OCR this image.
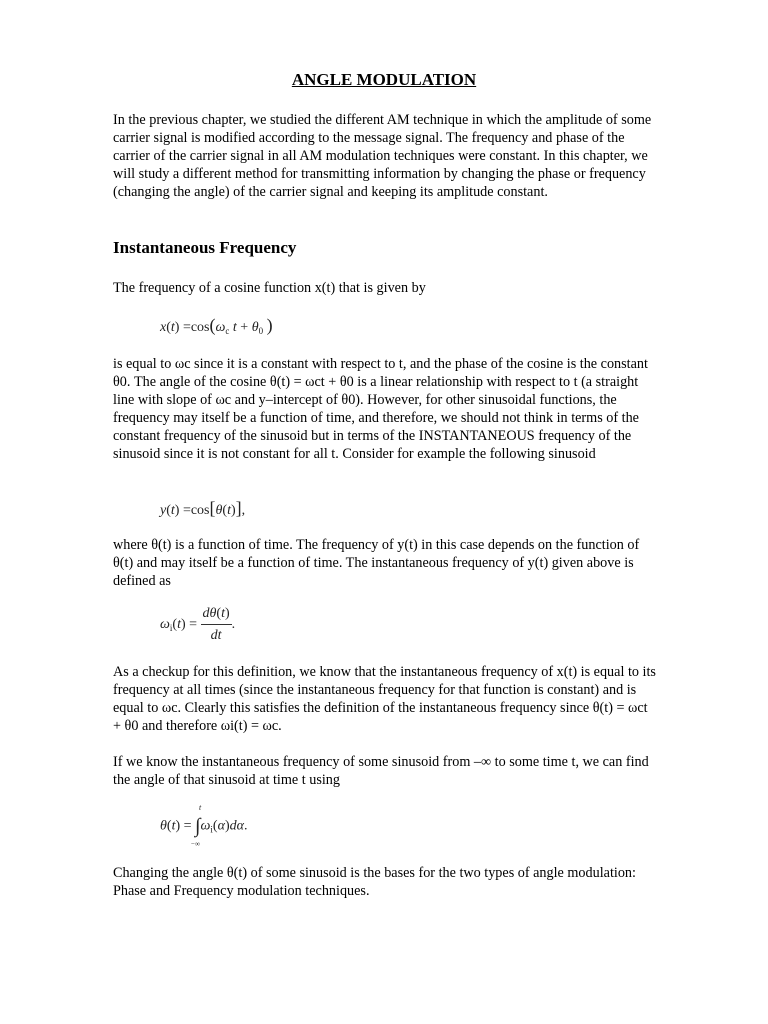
ANGLE MODULATION

In the previous chapter, we studied the different AM technique in which the amplitude of some carrier signal is modified according to the message signal. The frequency and phase of the carrier of the carrier signal in all AM modulation techniques were constant. In this chapter, we will study a different method for transmitting information by changing the phase or frequency (changing the angle) of the carrier signal and keeping its amplitude constant.

Instantaneous Frequency

The frequency of a cosine function x(t) that is given by

$x(t) =\cos(\omega_c$ $t + \theta_0$ )

is equal to ωc since it is a constant with respect to t, and the phase of the cosine is the constant θ0. The angle of the cosine θ(t) = ωct + θ0 is a linear relationship with respect to t (a straight line with slope of ωc and y–intercept of θ0). However, for other sinusoidal functions, the frequency may itself be a function of time, and therefore, we should not think in terms of the constant frequency of the sinusoid but in terms of the INSTANTANEOUS frequency of the sinusoid since it is not constant for all t. Consider for example the following sinusoid

y(t) =cos[θ(t)],

where θ(t) is a function of time. The frequency of y(t) in this case depends on the function of θ(t) and may itself be a function of time. The instantaneous frequency of y(t) given above is defined as

$\omega_i(t) = \frac{d\theta(t)}{dt}$ .

As a checkup for this definition, we know that the instantaneous frequency of x(t) is equal to its frequency at all times (since the instantaneous frequency for that function is constant) and is equal to ωc. Clearly this satisfies the definition of the instantaneous frequency since θ(t) = ωct + θ0 and therefore ωi(t) = ωc.

If we know the instantaneous frequency of some sinusoid from –∞ to some time t, we can find the angle of that sinusoid at time t using

θ(t) = ∫
t
−∞
$\omega_i(\alpha)d\alpha$.

Changing the angle θ(t) of some sinusoid is the bases for the two types of angle modulation: Phase and Frequency modulation techniques.
